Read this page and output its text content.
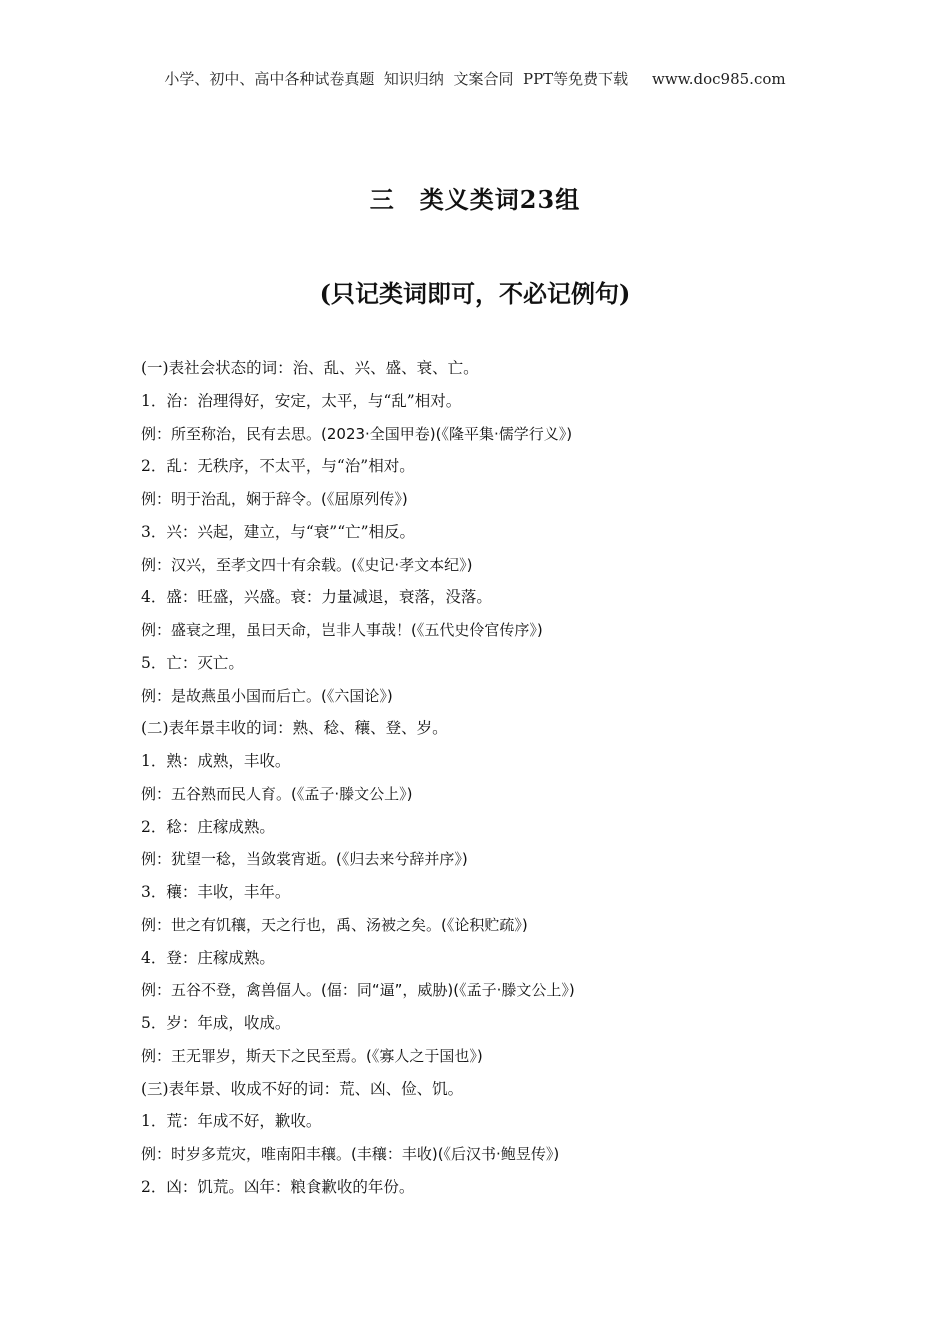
小学、初中、高中各种试卷真题  知识归纳  文案合同  PPT等免费下载     www.doc985.com
三　类义类词23组
(只记类词即可，不必记例句)
(一)表社会状态的词：治、乱、兴、盛、衰、亡。
1．治：治理得好，安定，太平，与“乱”相对。
例：所至称治，民有去思。(2023·全国甲卷)(《隆平集·儒学行义》)
2．乱：无秩序，不太平，与“治”相对。
例：明于治乱，娴于辞令。(《屈原列传》)
3．兴：兴起，建立，与“衰”“亡”相反。
例：汉兴，至孝文四十有余载。(《史记·孝文本纪》)
4．盛：旺盛，兴盛。衰：力量减退，衰落，没落。
例：盛衰之理，虽曰天命，岂非人事哉！(《五代史伶官传序》)
5．亡：灭亡。
例：是故燕虽小国而后亡。(《六国论》)
(二)表年景丰收的词：熟、稔、穰、登、岁。
1．熟：成熟，丰收。
例：五谷熟而民人育。(《孟子·滕文公上》)
2．稔：庄稼成熟。
例：犹望一稔，当敛裳宵逝。(《归去来兮辞并序》)
3．穰：丰收，丰年。
例：世之有饥穰，天之行也，禹、汤被之矣。(《论积贮疏》)
4．登：庄稼成熟。
例：五谷不登，禽兽偪人。(偪：同“逼”，威胁)(《孟子·滕文公上》)
5．岁：年成，收成。
例：王无罪岁，斯天下之民至焉。(《寡人之于国也》)
(三)表年景、收成不好的词：荒、凶、俭、饥。
1．荒：年成不好，歉收。
例：时岁多荒灾，唯南阳丰穰。(丰穰：丰收)(《后汉书·鲍昱传》)
2．凶：饥荒。凶年：粮食歉收的年份。
